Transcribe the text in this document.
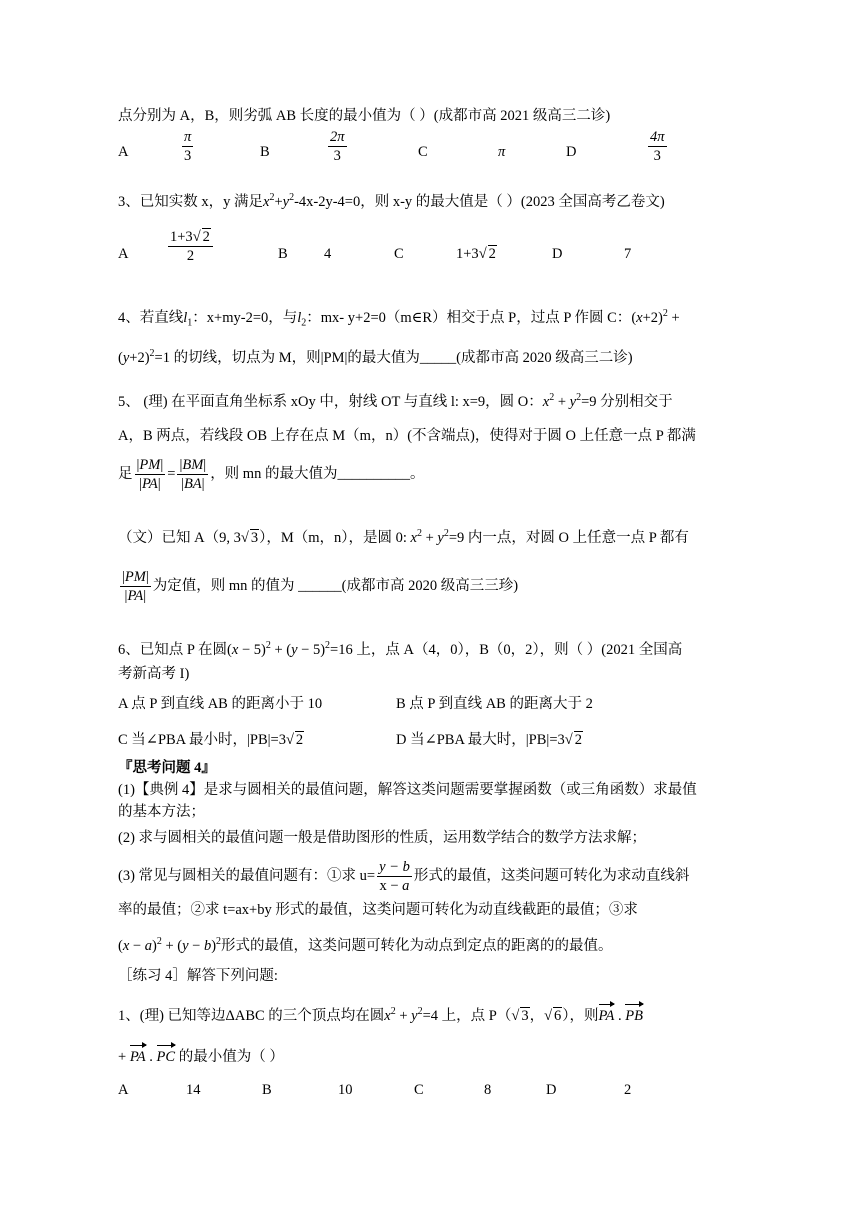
点分别为 A，B，则劣弧 AB 长度的最小值为（ ）(成都市高 2021 级高三二诊)
A	$\frac{\pi}{3}$	B	$\frac{2\pi}{3}$	C	π	D	$\frac{4\pi}{3}$
3、已知实数 x，y 满足$x^2+y^2-4x-2y-4=0$，则 x-y 的最大值是（ ）(2023 全国高考乙卷文)
A	$\frac{1+3√ 2}{2}$	B	4	C	1+3√ 2	D	7
4、若直线$l_1$：x+my-2=0，与$l_2$：mx- y+2=0（m∈R）相交于点 P，过点 P 作圆 C：$(x+2)^2$ +
$(y+2)^2=1$ 的切线，切点为 M，则|PM|的最大值为_____(成都市高 2020 级高三二诊)
5、 (理) 在平面直角坐标系 xOy 中，射线 OT 与直线 l: x=9，圆 O：$x^2 + y^2=9$ 分别相交于
A，B 两点，若线段 OB 上存在点 M（m，n）(不含端点)，使得对于圆 O 上任意一点 P 都满
足 $\frac{|PM|}{|PA|} = \frac{|BM|}{|BA|}$ ，则 mn 的最大值为__________。
（文）已知 A（9, 3√ 3），M（m，n），是圆 0: $x^2 + y^2=9$ 内一点，对圆 O 上任意一点 P 都有
$\frac{|PM|}{|PA|}$ 为定值，则 mn 的值为 ______(成都市高 2020 级高三三珍)
6、已知点 P 在圆$(x - 5)^2 + (y - 5)^2=16$ 上，点 A（4，0），B（0，2），则（ ）(2021 全国高
考新高考 I)
A 点 P 到直线 AB 的距离小于 10	B 点 P 到直线 AB 的距离大于 2
C 当∠PBA 最小时，|PB|=3√ 2	D 当∠PBA 最大时，|PB|=3√ 2
『思考问题 4』
(1)【典例 4】是求与圆相关的最值问题，解答这类问题需要掌握函数（或三角函数）求最值
的基本方法；
(2) 求与圆相关的最值问题一般是借助图形的性质，运用数学结合的数学方法求解；
(3) 常见与圆相关的最值问题有：①求 $u= \frac{y - b}{x - a}$ 形式的最值，这类问题可转化为求动直线斜
率的最值；②求 t=ax+by 形式的最值，这类问题可转化为动直线截距的最值；③求
$(x - a)^2 + (y - b)^2$形式的最值，这类问题可转化为动点到定点的距离的的最值。
［练习 4］解答下列问题:
1、(理) 已知等边ΔABC 的三个顶点均在圆$x^2 + y^2=4$ 上，点 P（√ 3，√ 6），则PA . PB
+ PA . PC 的最小值为（ ）
A	14	B	10	C	8	D	2
